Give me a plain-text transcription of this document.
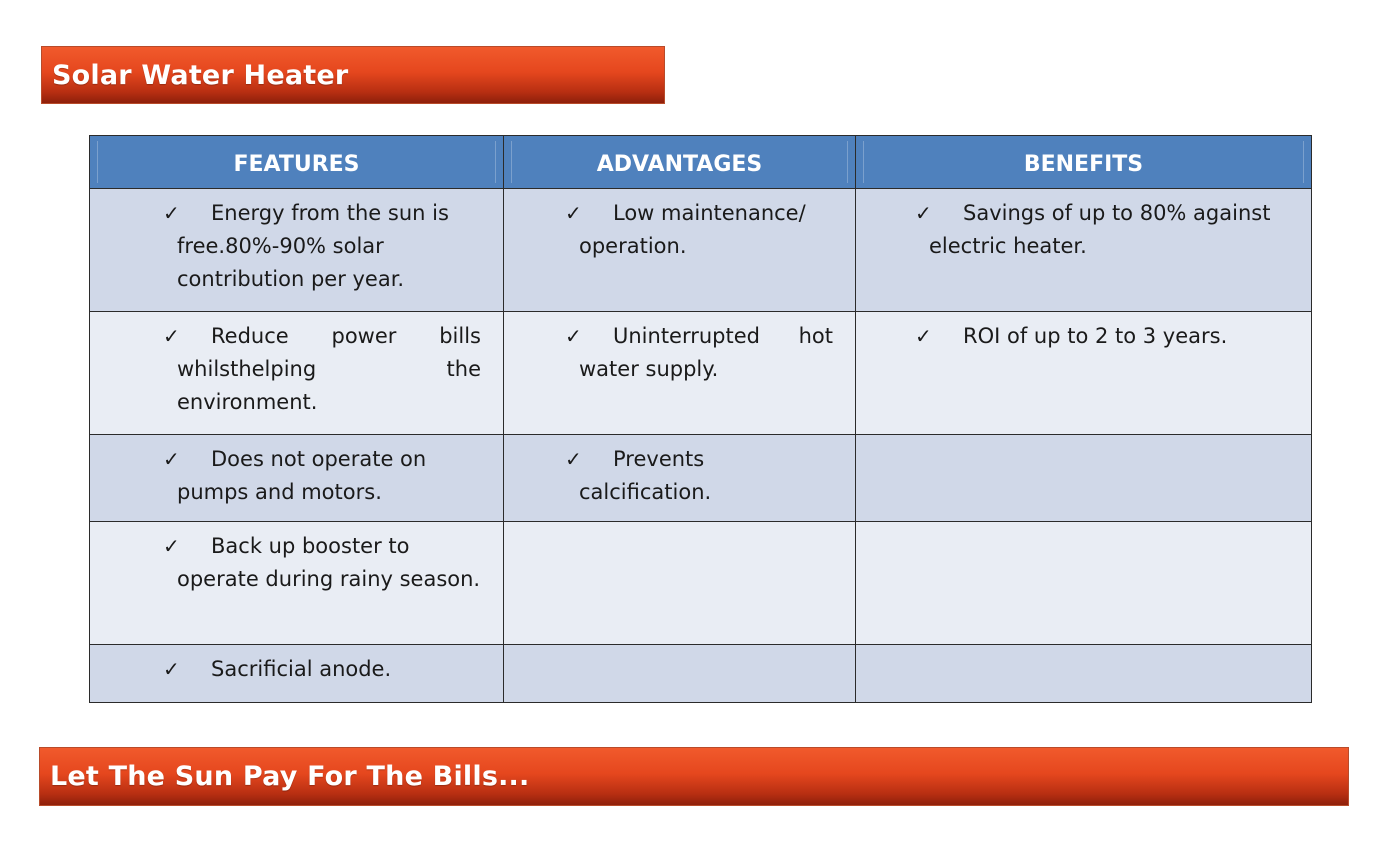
Solar Water Heater
FEATURES	ADVANTAGES	BENEFITS

✓ Energy from the sun is free.80%-90% solar contribution per year.	✓ Low maintenance/ operation.	✓ Savings of up to 80% against electric heater.

✓ Reduce power bills whilsthelping the environment.	✓ Uninterrupted hot water supply.	✓ ROI of up to 2 to 3 years.

✓ Does not operate on pumps and motors.	✓ Prevents calcification.	

✓ Back up booster to operate during rainy season.		

✓ Sacrificial anode.		

Let The Sun Pay For The Bills...
